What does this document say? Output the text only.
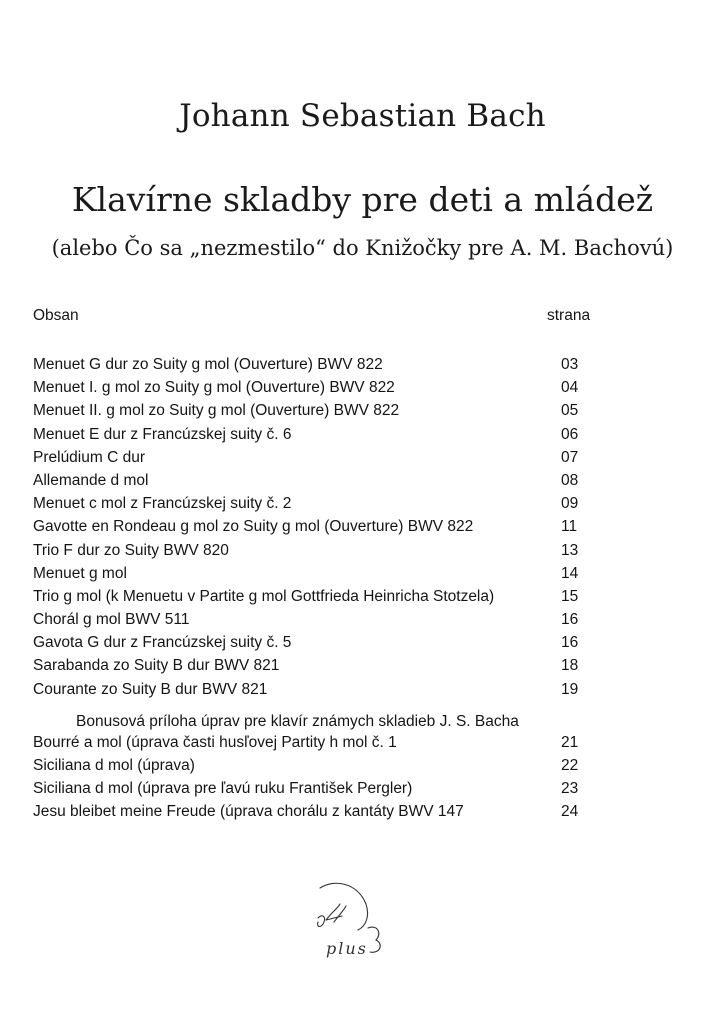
Johann Sebastian Bach
Klavírne skladby pre deti a mládež
(alebo Čo sa „nezmestilo“ do Knižočky pre A. M. Bachovú)
Obsan	strana
Menuet G dur zo Suity g mol (Ouverture) BWV 822	03
Menuet I. g mol zo Suity g mol (Ouverture) BWV 822	04
Menuet II. g mol zo Suity g mol (Ouverture) BWV 822	05
Menuet E dur z Francúzskej suity č. 6	06
Prelúdium C dur	07
Allemande d mol	08
Menuet c mol z Francúzskej suity č. 2	09
Gavotte en Rondeau g mol zo Suity g mol (Ouverture) BWV 822	11
Trio F dur zo Suity BWV 820	13
Menuet g mol	14
Trio g mol (k Menuetu v Partite g mol Gottfrieda Heinricha Stotzela)	15
Chorál g mol BWV 511	16
Gavota G dur z Francúzskej suity č. 5	16
Sarabanda zo Suity B dur BWV 821	18
Courante zo Suity B dur BWV 821	19
Bonusová príloha úprav pre klavír známych skladieb J. S. Bacha
Bourré a mol (úprava časti husľovej Partity h mol č. 1	21
Siciliana d mol (úprava)	22
Siciliana d mol (úprava pre ľavú ruku František Pergler)	23
Jesu bleibet meine Freude (úprava chorálu z kantáty BWV 147	24
plus
